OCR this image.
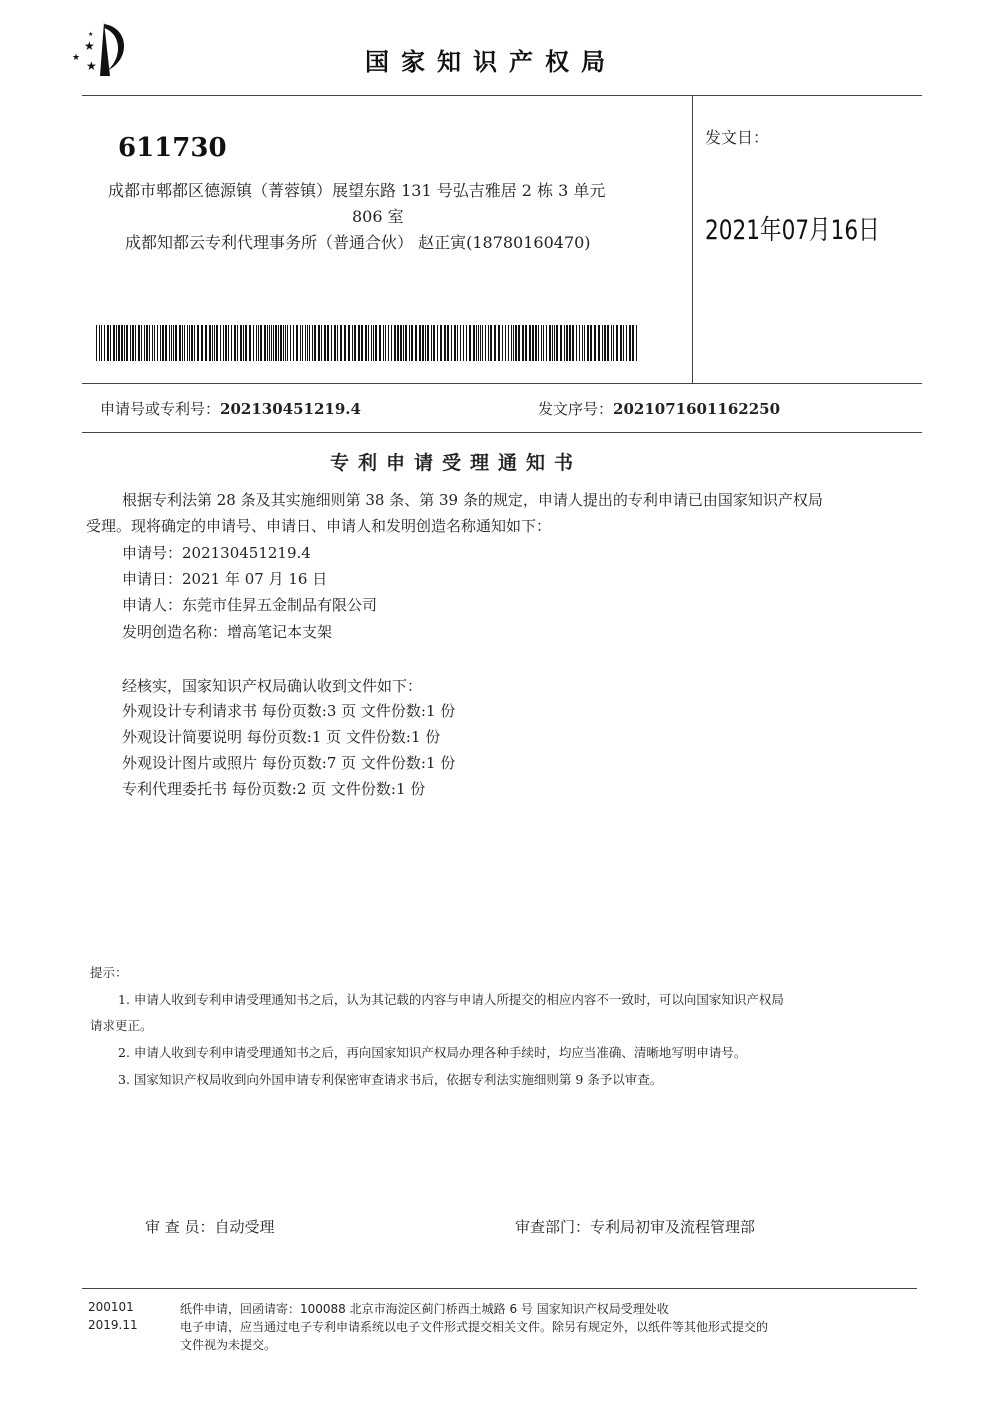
★
★
★
★
国家知识产权局
611730
成都市郫都区德源镇（菁蓉镇）展望东路 131 号弘吉雅居 2 栋 3 单元
806 室
成都知都云专利代理事务所（普通合伙） 赵正寅(18780160470)
发文日：
2021年07月16日
申请号或专利号：202130451219.4	发文序号：2021071601162250
专利申请受理通知书
根据专利法第 28 条及其实施细则第 38 条、第 39 条的规定，申请人提出的专利申请已由国家知识产权局
受理。现将确定的申请号、申请日、申请人和发明创造名称通知如下：
申请号：202130451219.4
申请日：2021 年 07 月 16 日
申请人：东莞市佳昇五金制品有限公司
发明创造名称：增高笔记本支架
经核实，国家知识产权局确认收到文件如下：
外观设计专利请求书 每份页数:3 页 文件份数:1 份
外观设计简要说明 每份页数:1 页 文件份数:1 份
外观设计图片或照片 每份页数:7 页 文件份数:1 份
专利代理委托书 每份页数:2 页 文件份数:1 份
提示：
1. 申请人收到专利申请受理通知书之后，认为其记载的内容与申请人所提交的相应内容不一致时，可以向国家知识产权局
请求更正。
2. 申请人收到专利申请受理通知书之后，再向国家知识产权局办理各种手续时，均应当准确、清晰地写明申请号。
3. 国家知识产权局收到向外国申请专利保密审查请求书后，依据专利法实施细则第 9 条予以审查。
审 查 员：自动受理	审查部门：专利局初审及流程管理部
200101
2019.11
纸件申请，回函请寄：100088 北京市海淀区蓟门桥西土城路 6 号 国家知识产权局受理处收
电子申请，应当通过电子专利申请系统以电子文件形式提交相关文件。除另有规定外，以纸件等其他形式提交的
文件视为未提交。
